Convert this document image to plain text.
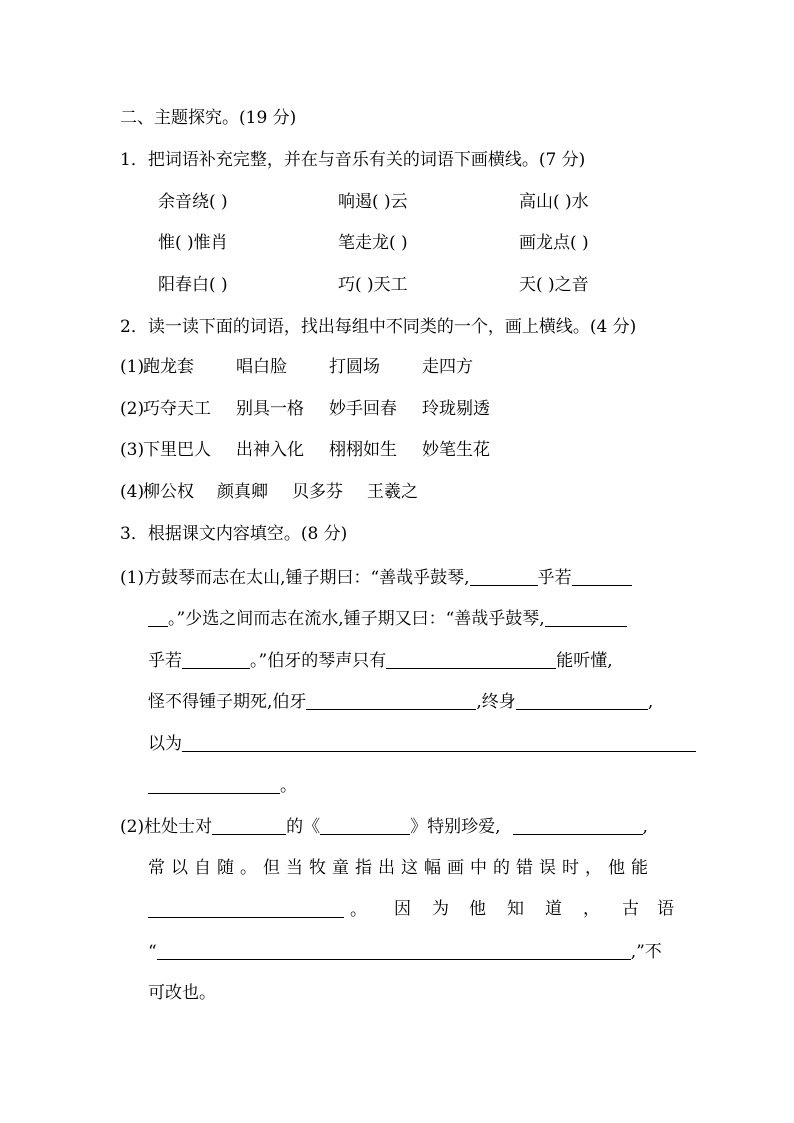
二、主题探究。(19 分)
1．把词语补充完整，并在与音乐有关的词语下画横线。(7 分)
余音绕( )	响遏( )云	高山( )水
惟( )惟肖	笔走龙( )	画龙点( )
阳春白( )	巧( )天工	天( )之音
2．读一读下面的词语，找出每组中不同类的一个，画上横线。(4 分)
(1)
跑龙套 唱白脸 打圆场 走四方
(2)
巧夺天工 别具一格 妙手回春 玲珑剔透
(3)
下里巴人 出神入化 栩栩如生 妙笔生花
(4)
柳公权 颜真卿 贝多芬 王羲之
3．根据课文内容填空。(8 分)
(1)方鼓琴而志在太山,锺子期曰：“善哉乎鼓琴,	乎若
。”少选之间而志在流水,锺子期又曰：“善哉乎鼓琴,
乎若	。”伯牙的琴声只有	能听懂,
怪不得锺子期死,伯牙	,终身	,
以为
。
(2)杜处士对	的《	》特别珍爱,	,
常以自随。但当牧童指出这幅画中的错误时，他能
。 因 为 他 知 道 ， 古 语
“	,”不
可改也。
